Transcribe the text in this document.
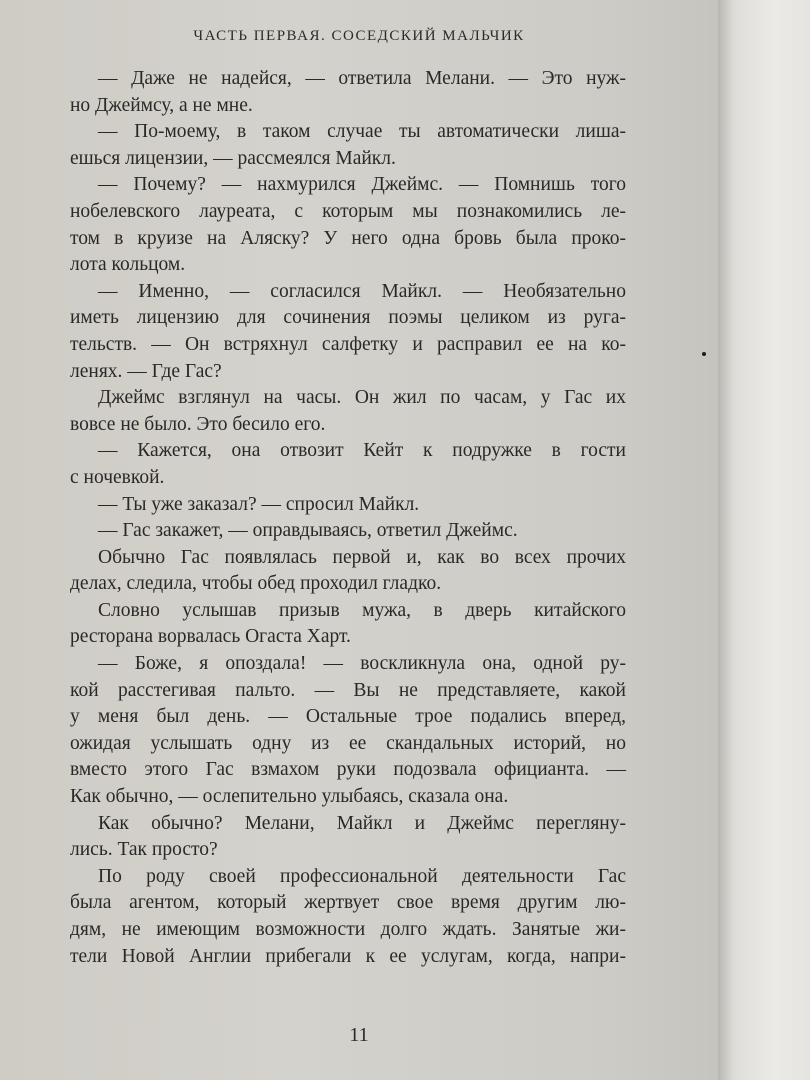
ЧАСТЬ ПЕРВАЯ. СОСЕДСКИЙ МАЛЬЧИК
— Даже не надейся, — ответила Мелани. — Это нуж-
но Джеймсу, а не мне.
— По-моему, в таком случае ты автоматически лиша-
ешься лицензии, — рассмеялся Майкл.
— Почему? — нахмурился Джеймс. — Помнишь того
нобелевского лауреата, с которым мы познакомились ле-
том в круизе на Аляску? У него одна бровь была проко-
лота кольцом.
— Именно, — согласился Майкл. — Необязательно
иметь лицензию для сочинения поэмы целиком из руга-
тельств. — Он встряхнул салфетку и расправил ее на ко-
ленях. — Где Гас?
Джеймс взглянул на часы. Он жил по часам, у Гас их
вовсе не было. Это бесило его.
— Кажется, она отвозит Кейт к подружке в гости
с ночевкой.
— Ты уже заказал? — спросил Майкл.
— Гас закажет, — оправдываясь, ответил Джеймс.
Обычно Гас появлялась первой и, как во всех прочих
делах, следила, чтобы обед проходил гладко.
Словно услышав призыв мужа, в дверь китайского
ресторана ворвалась Огаста Харт.
— Боже, я опоздала! — воскликнула она, одной ру-
кой расстегивая пальто. — Вы не представляете, какой
у меня был день. — Остальные трое подались вперед,
ожидая услышать одну из ее скандальных историй, но
вместо этого Гас взмахом руки подозвала официанта. —
Как обычно, — ослепительно улыбаясь, сказала она.
Как обычно? Мелани, Майкл и Джеймс перегляну-
лись. Так просто?
По роду своей профессиональной деятельности Гас
была агентом, который жертвует свое время другим лю-
дям, не имеющим возможности долго ждать. Занятые жи-
тели Новой Англии прибегали к ее услугам, когда, напри-
11
